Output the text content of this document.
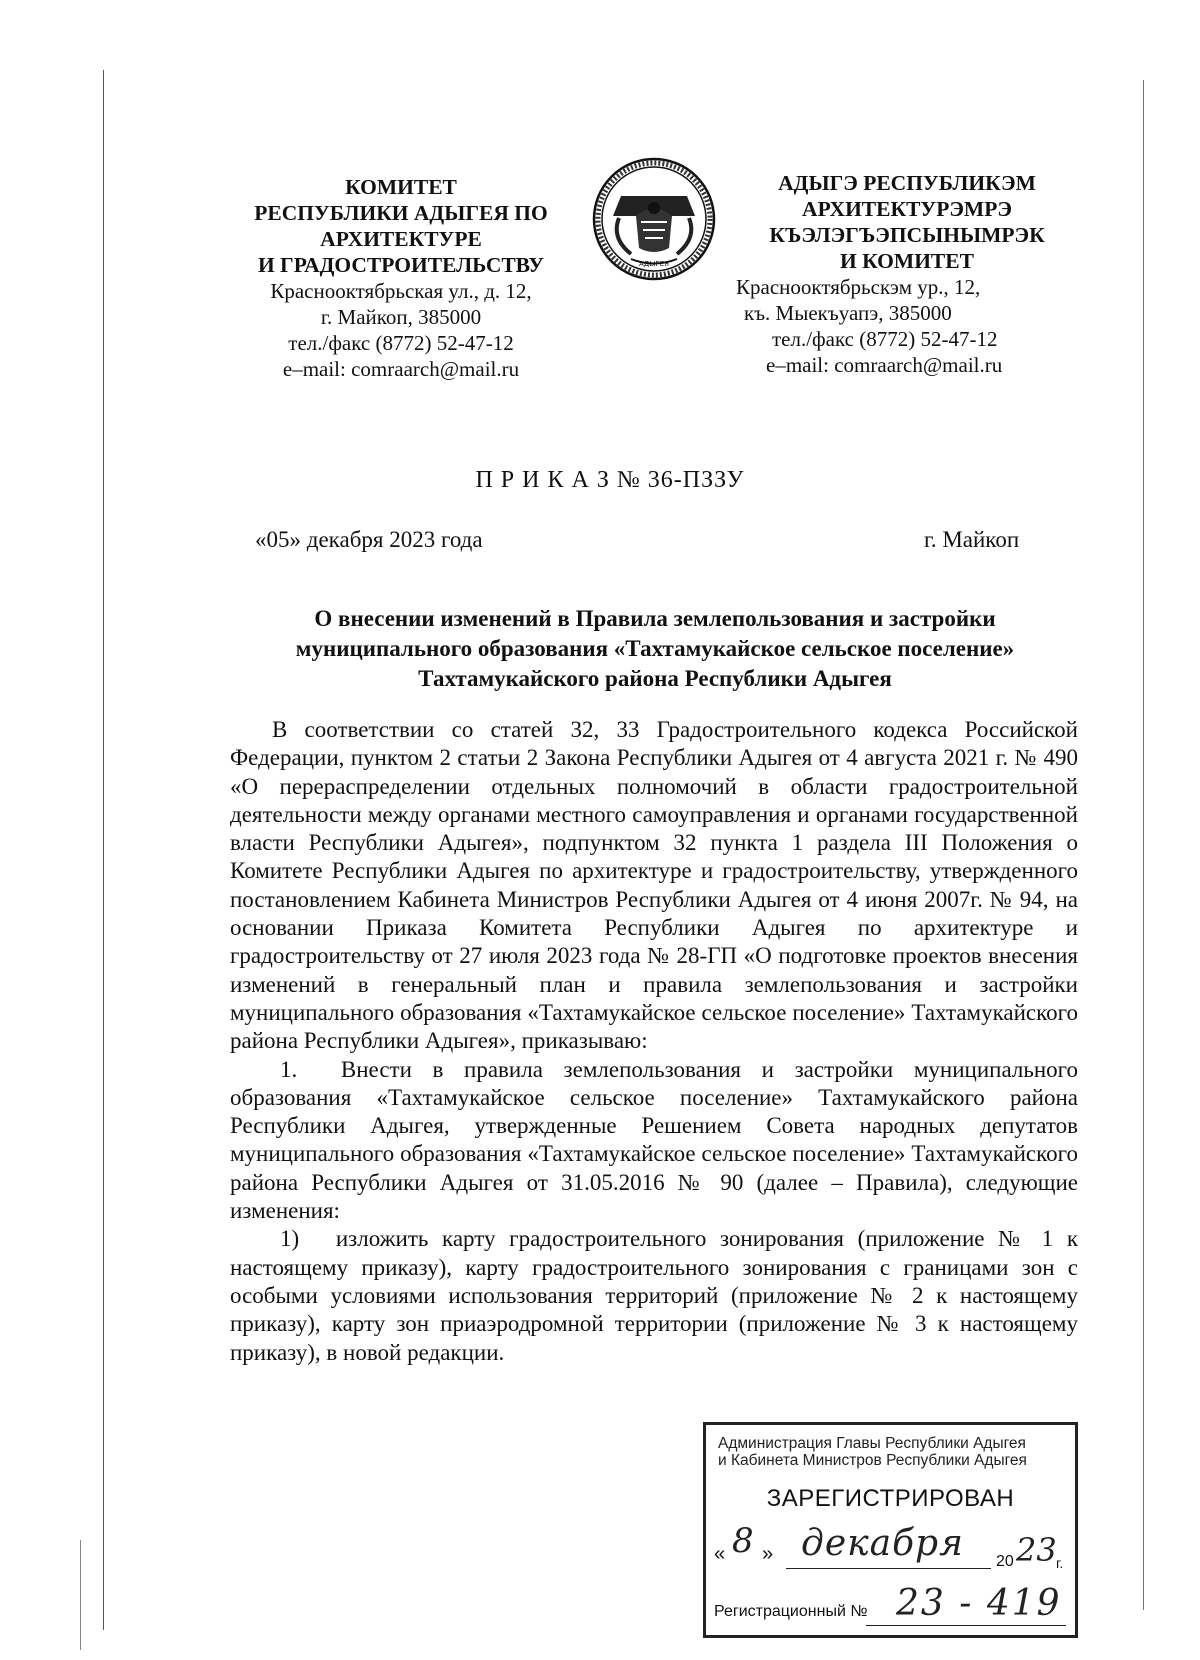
КОМИТЕТ
РЕСПУБЛИКИ АДЫГЕЯ ПО
АРХИТЕКТУРЕ
И ГРАДОСТРОИТЕЛЬСТВУ
Краснооктябрьская ул., д. 12,
г. Майкоп, 385000
тел./факс (8772) 52-47-12
e–mail: comraarch@mail.ru
АДЫГЕЯ
АДЫГЭ РЕСПУБЛИКЭМ
АРХИТЕКТУРЭМРЭ
КЪЭЛЭГЪЭПСЫНЫМРЭК
И КОМИТЕТ
Краснооктябрьскэм ур., 12,
къ. Мыекъуапэ, 385000
тел./факс (8772) 52-47-12
e–mail: comraarch@mail.ru
П Р И К А З № 36-ПЗЗУ
«05» декабря 2023 года	г. Майкоп
О внесении изменений в Правила землепользования и застройки
муниципального образования «Тахтамукайское сельское поселение»
Тахтамукайского района Республики Адыгея

В соответствии со статей 32, 33 Градостроительного кодекса Российской Федерации, пунктом 2 статьи 2 Закона Республики Адыгея от 4 августа 2021 г. № 490 «О перераспределении отдельных полномочий в области градостроительной деятельности между органами местного самоуправления и органами государственной власти Республики Адыгея», подпунктом 32 пункта 1 раздела III Положения о Комитете Республики Адыгея по архитектуре и градостроительству, утвержденного постановлением Кабинета Министров Республики Адыгея от 4 июня 2007г. № 94, на основании Приказа Комитета Республики Адыгея по архитектуре и градостроительству от 27 июля 2023 года № 28-ГП «О подготовке проектов внесения изменений в генеральный план и правила землепользования и застройки муниципального образования «Тахтамукайское сельское поселение» Тахтамукайского района Республики Адыгея», приказываю:

1.  Внести в правила землепользования и застройки муниципального образования «Тахтамукайское сельское поселение» Тахтамукайского района Республики Адыгея, утвержденные Решением Совета народных депутатов муниципального образования «Тахтамукайское сельское поселение» Тахтамукайского района Республики Адыгея от 31.05.2016 № 90 (далее – Правила), следующие изменения:

1)  изложить карту градостроительного зонирования (приложение № 1 к настоящему приказу), карту градостроительного зонирования с границами зон с особыми условиями использования территорий (приложение № 2 к настоящему приказу), карту зон приаэродромной территории (приложение № 3 к настоящему приказу), в новой редакции.

Администрация Главы Республики Адыгея
и Кабинета Министров Республики Адыгея
ЗАРЕГИСТРИРОВАН
« 8 » декабря 20 23 г.
Регистрационный № 23 - 419
